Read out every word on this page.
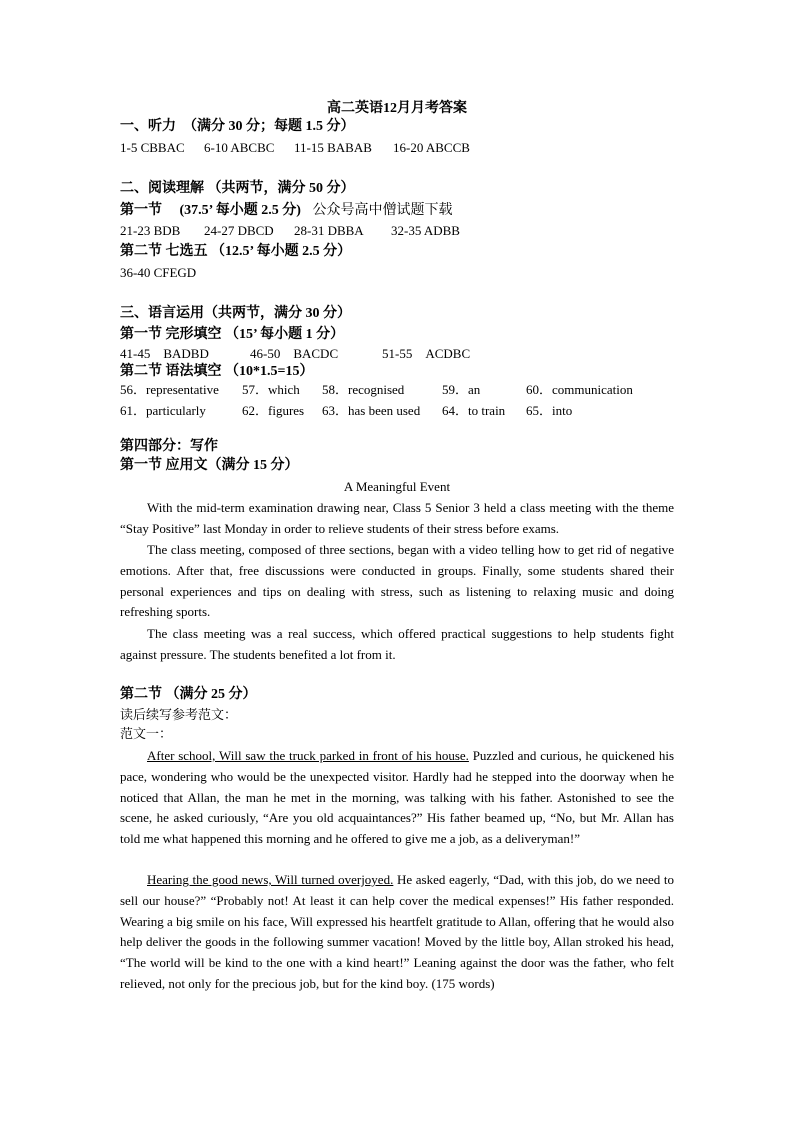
高二英语12月月考答案
一、听力　（满分 30 分；每题 1.5 分）
1-5 CBBAC 6-10 ABCBC 11-15 BABAB 16-20 ABCCB
二、阅读理解 （共两节，满分 50 分）
第一节　 (37.5’ 每小题 2.5 分) 公众号高中僧试题下载
21-23 BDB 24-27 DBCD 28-31 DBBA 32-35 ADBB
第二节 七选五 （12.5’ 每小题 2.5 分）
36-40 CFEGD
三、语言运用（共两节，满分 30 分）
第一节 完形填空 （15’ 每小题 1 分）
41-45　BADBD	46-50　BACDC	51-55　ACDBC
第二节 语法填空 （10*1.5=15）
56．representative 57．which 58．recognised	59．an	60．communication
61．particularly	62．figures 63．has been used 64．to train 65．into
第四部分：写作
第一节 应用文（满分 15 分）
A Meaningful Event
With the mid-term examination drawing near, Class 5 Senior 3 held a class meeting with the theme “Stay Positive” last Monday in order to relieve students of their stress before exams.
The class meeting, composed of three sections, began with a video telling how to get rid of negative emotions. After that, free discussions were conducted in groups. Finally, some students shared their personal experiences and tips on dealing with stress, such as listening to relaxing music and doing refreshing sports.
The class meeting was a real success, which offered practical suggestions to help students fight against pressure. The students benefited a lot from it.
第二节 （满分 25 分）
读后续写参考范文：
范文一：
After school, Will saw the truck parked in front of his house. Puzzled and curious, he quickened his pace, wondering who would be the unexpected visitor. Hardly had he stepped into the doorway when he noticed that Allan, the man he met in the morning, was talking with his father. Astonished to see the scene, he asked curiously, “Are you old acquaintances?” His father beamed up, “No, but Mr. Allan has told me what happened this morning and he offered to give me a job, as a deliveryman!”
Hearing the good news, Will turned overjoyed. He asked eagerly, “Dad, with this job, do we need to sell our house?” “Probably not! At least it can help cover the medical expenses!” His father responded. Wearing a big smile on his face, Will expressed his heartfelt gratitude to Allan, offering that he would also help deliver the goods in the following summer vacation! Moved by the little boy, Allan stroked his head, “The world will be kind to the one with a kind heart!” Leaning against the door was the father, who felt relieved, not only for the precious job, but for the kind boy. (175 words)
